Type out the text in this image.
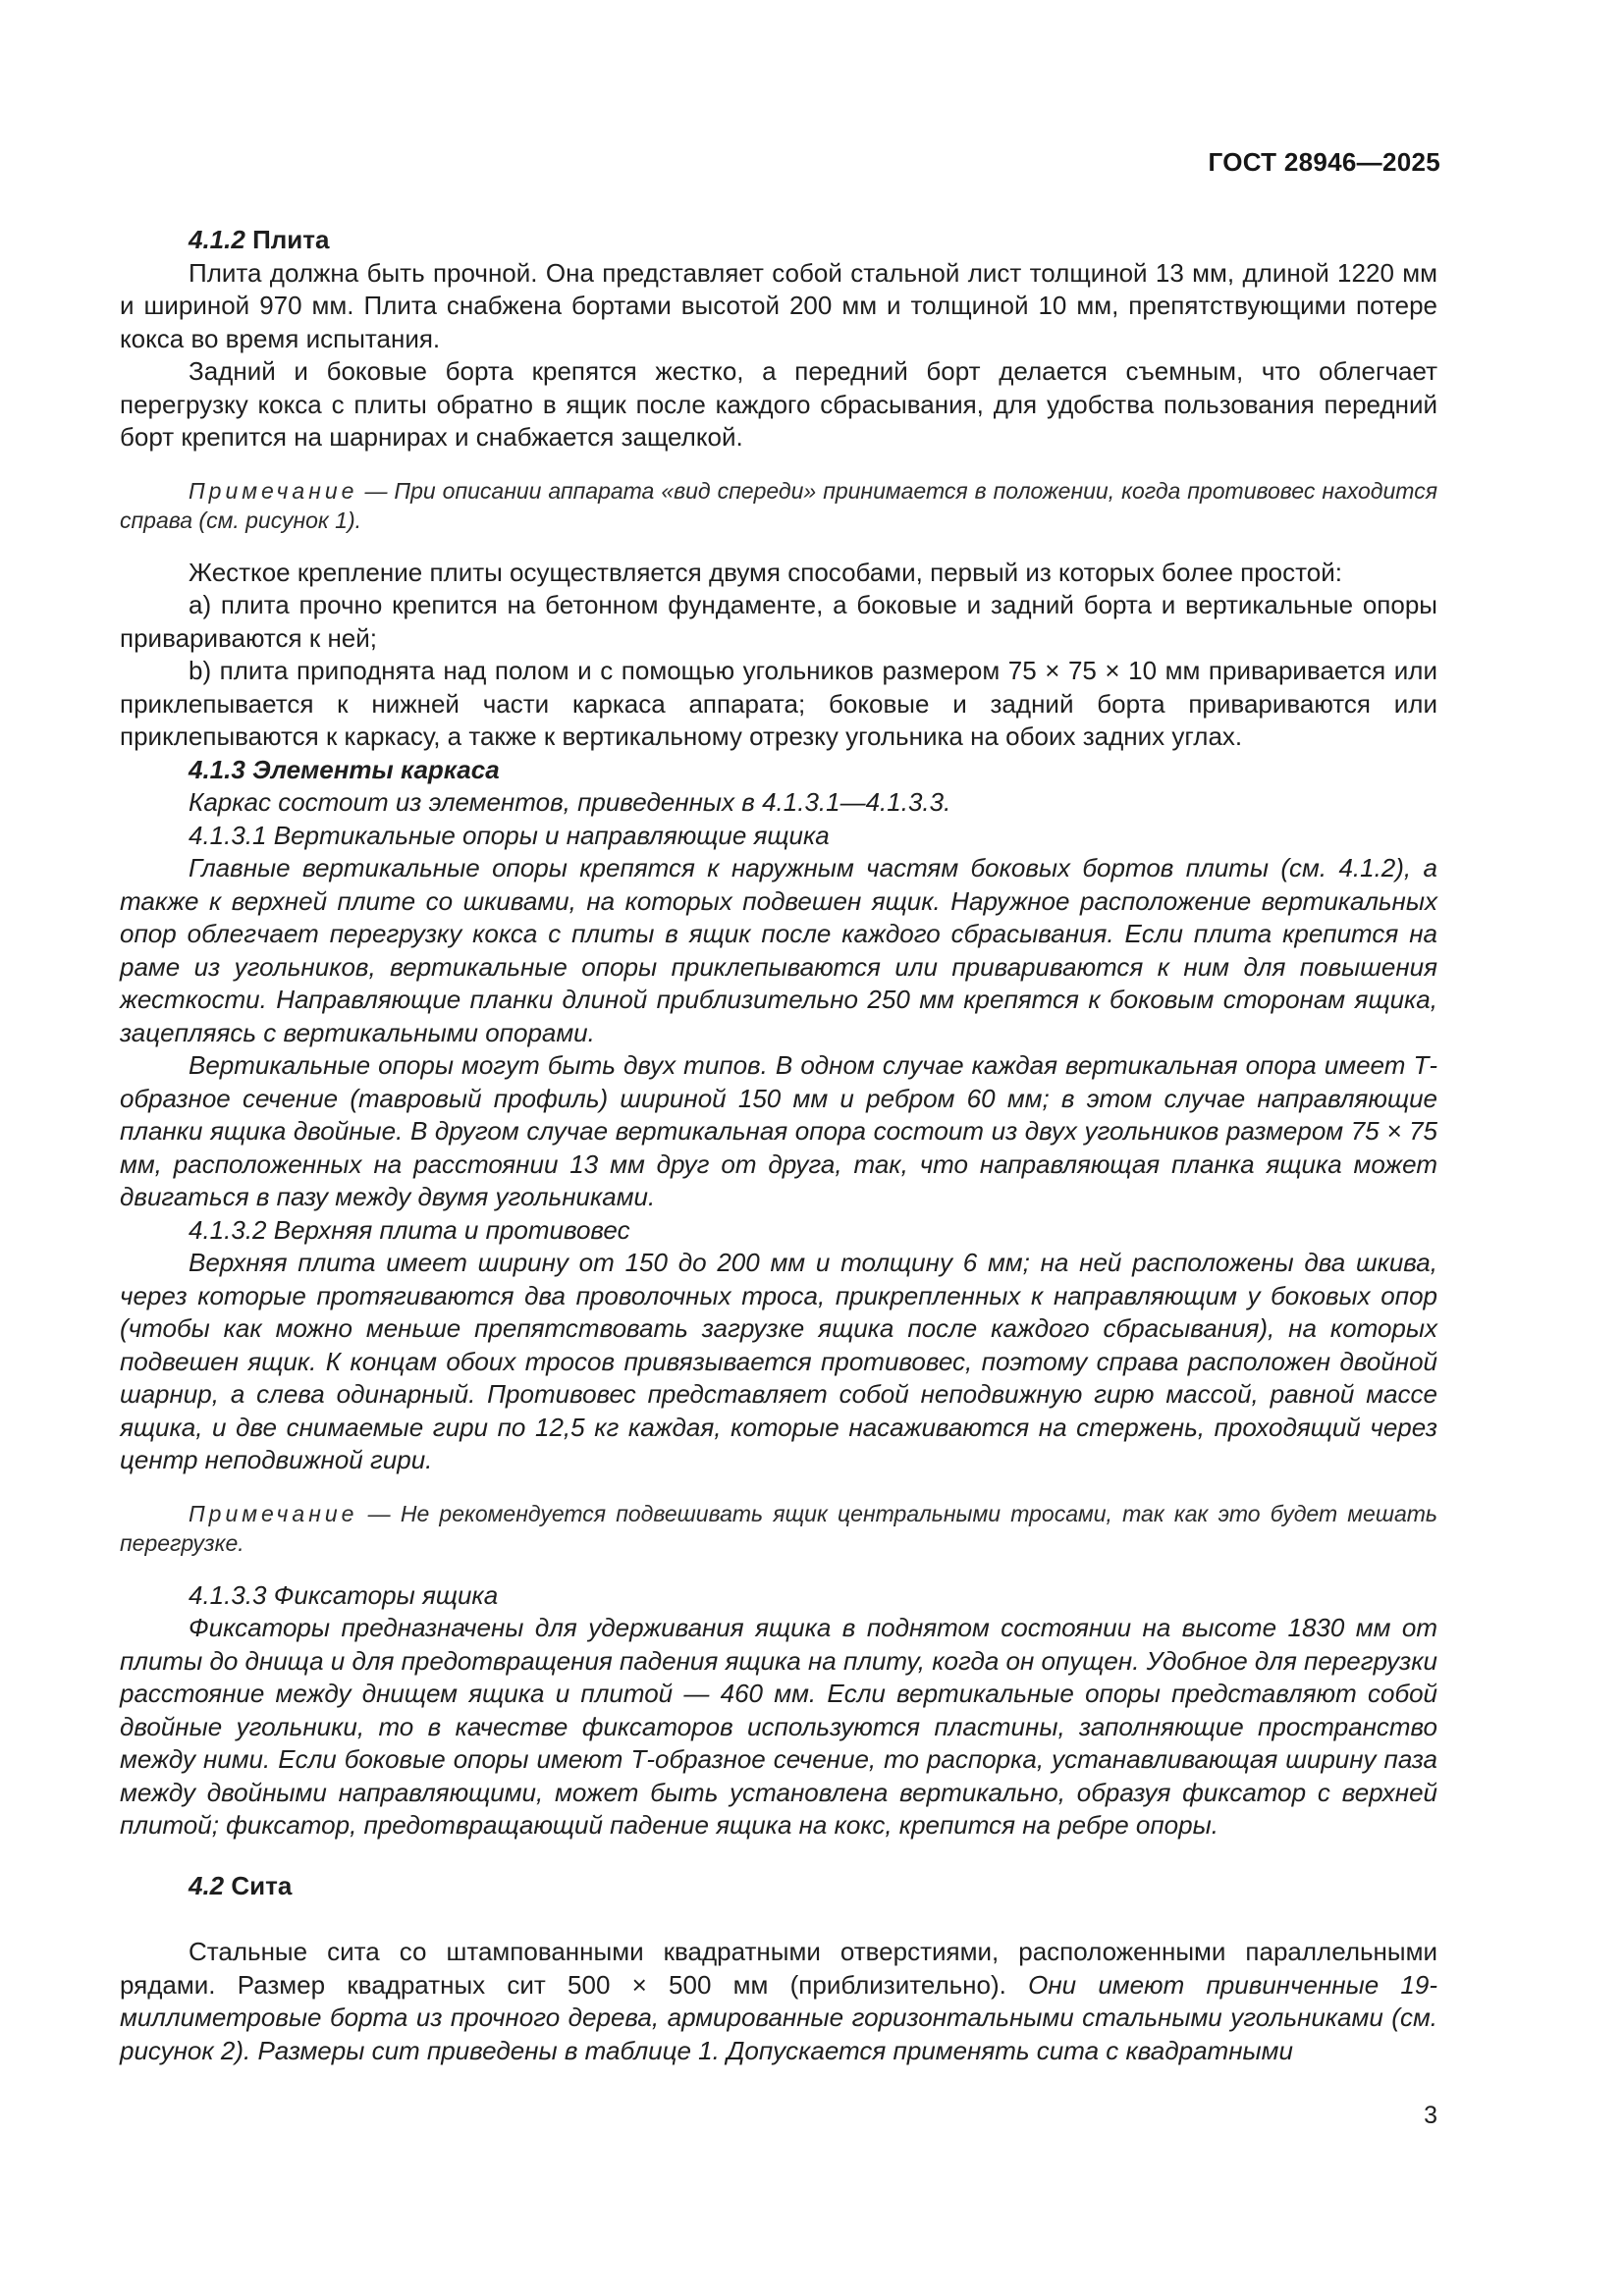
ГОСТ 28946—2025

4.1.2 Плита

Плита должна быть прочной. Она представляет собой стальной лист толщиной 13 мм, длиной 1220 мм и шириной 970 мм. Плита снабжена бортами высотой 200 мм и толщиной 10 мм, препятствующими потере кокса во время испытания.

Задний и боковые борта крепятся жестко, а передний борт делается съемным, что облегчает перегрузку кокса с плиты обратно в ящик после каждого сбрасывания, для удобства пользования передний борт крепится на шарнирах и снабжается защелкой.

Примечание — При описании аппарата «вид спереди» принимается в положении, когда противовес находится справа (см. рисунок 1).

Жесткое крепление плиты осуществляется двумя способами, первый из которых более простой:

a) плита прочно крепится на бетонном фундаменте, а боковые и задний борта и вертикальные опоры привариваются к ней;

b) плита приподнята над полом и с помощью угольников размером 75 × 75 × 10 мм приваривается или приклепывается к нижней части каркаса аппарата; боковые и задний борта привариваются или приклепываются к каркасу, а также к вертикальному отрезку угольника на обоих задних углах.

4.1.3 Элементы каркаса

Каркас состоит из элементов, приведенных в 4.1.3.1—4.1.3.3.

4.1.3.1 Вертикальные опоры и направляющие ящика

Главные вертикальные опоры крепятся к наружным частям боковых бортов плиты (см. 4.1.2), а также к верхней плите со шкивами, на которых подвешен ящик. Наружное расположение вертикальных опор облегчает перегрузку кокса с плиты в ящик после каждого сбрасывания. Если плита крепится на раме из угольников, вертикальные опоры приклепываются или привариваются к ним для повышения жесткости. Направляющие планки длиной приблизительно 250 мм крепятся к боковым сторонам ящика, зацепляясь с вертикальными опорами.

Вертикальные опоры могут быть двух типов. В одном случае каждая вертикальная опора имеет Т-образное сечение (тавровый профиль) шириной 150 мм и ребром 60 мм; в этом случае направляющие планки ящика двойные. В другом случае вертикальная опора состоит из двух угольников размером 75 × 75 мм, расположенных на расстоянии 13 мм друг от друга, так, что направляющая планка ящика может двигаться в пазу между двумя угольниками.

4.1.3.2 Верхняя плита и противовес

Верхняя плита имеет ширину от 150 до 200 мм и толщину 6 мм; на ней расположены два шкива, через которые протягиваются два проволочных троса, прикрепленных к направляющим у боковых опор (чтобы как можно меньше препятствовать загрузке ящика после каждого сбрасывания), на которых подвешен ящик. К концам обоих тросов привязывается противовес, поэтому справа расположен двойной шарнир, а слева одинарный. Противовес представляет собой неподвижную гирю массой, равной массе ящика, и две снимаемые гири по 12,5 кг каждая, которые насаживаются на стержень, проходящий через центр неподвижной гири.

Примечание — Не рекомендуется подвешивать ящик центральными тросами, так как это будет мешать перегрузке.

4.1.3.3 Фиксаторы ящика

Фиксаторы предназначены для удерживания ящика в поднятом состоянии на высоте 1830 мм от плиты до днища и для предотвращения падения ящика на плиту, когда он опущен. Удобное для перегрузки расстояние между днищем ящика и плитой — 460 мм. Если вертикальные опоры представляют собой двойные угольники, то в качестве фиксаторов используются пластины, заполняющие пространство между ними. Если боковые опоры имеют Т-образное сечение, то распорка, устанавливающая ширину паза между двойными направляющими, может быть установлена вертикально, образуя фиксатор с верхней плитой; фиксатор, предотвращающий падение ящика на кокс, крепится на ребре опоры.

4.2 Сита

Стальные сита со штампованными квадратными отверстиями, расположенными параллельными рядами. Размер квадратных сит 500 × 500 мм (приблизительно). Они имеют привинченные 19-миллиметровые борта из прочного дерева, армированные горизонтальными стальными угольниками (см. рисунок 2). Размеры сит приведены в таблице 1. Допускается применять сита с квадратными

3
